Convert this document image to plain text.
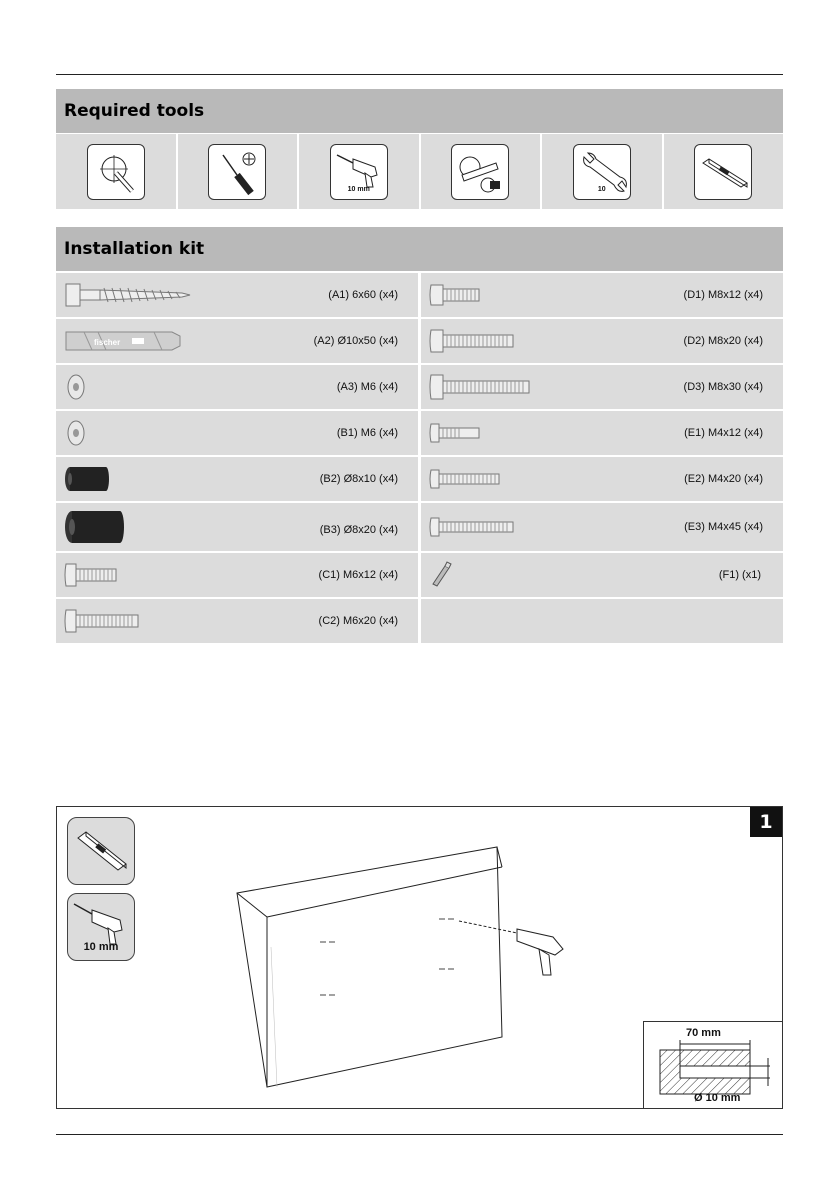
Required tools
10 mm	10
Installation kit
(A1) 6x60 (x4)	(D1) M8x12 (x4)
fischer	(A2) Ø10x50 (x4)	(D2) M8x20 (x4)
(A3) M6 (x4)	(D3) M8x30 (x4)
(B1) M6 (x4)	(E1) M4x12 (x4)
(B2) Ø8x10 (x4)	(E2) M4x20 (x4)
(B3) Ø8x20 (x4)	(E3) M4x45 (x4)
(C1) M6x12 (x4)	(F1) (x1)
(C2) M6x20 (x4)
1
10 mm
70 mm
Ø 10 mm
